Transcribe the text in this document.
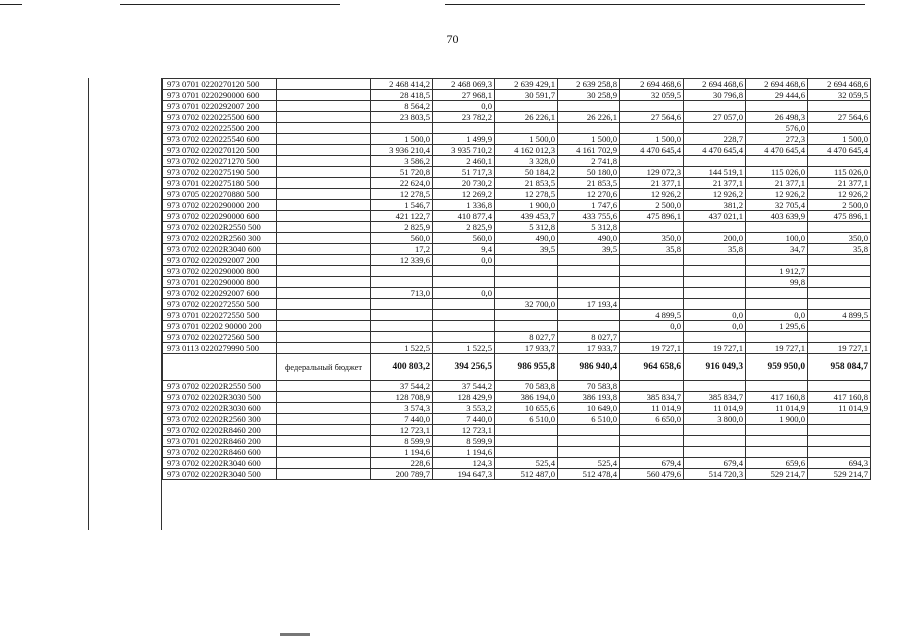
70
973 0701 0220270120 500		2 468 414,2	2 468 069,3	2 639 429,1	2 639 258,8	2 694 468,6	2 694 468,6	2 694 468,6	2 694 468,6
973 0701 0220290000 600		28 418,5	27 968,1	30 591,7	30 258,9	32 059,5	30 796,8	29 444,6	32 059,5
973 0701 0220292007 200		8 564,2	0,0						
973 0702 0220225500 600		23 803,5	23 782,2	26 226,1	26 226,1	27 564,6	27 057,0	26 498,3	27 564,6
973 0702 0220225500 200								576,0	
973 0702 0220225540 600		1 500,0	1 499,9	1 500,0	1 500,0	1 500,0	228,7	272,3	1 500,0
973 0702 0220270120 500		3 936 210,4	3 935 710,2	4 162 012,3	4 161 702,9	4 470 645,4	4 470 645,4	4 470 645,4	4 470 645,4
973 0702 0220271270 500		3 586,2	2 460,1	3 328,0	2 741,8				
973 0702 0220275190 500		51 720,8	51 717,3	50 184,2	50 180,0	129 072,3	144 519,1	115 026,0	115 026,0
973 0701 0220275180 500		22 624,0	20 730,2	21 853,5	21 853,5	21 377,1	21 377,1	21 377,1	21 377,1
973 0705 0220270880 500		12 278,5	12 269,2	12 278,5	12 270,6	12 926,2	12 926,2	12 926,2	12 926,2
973 0702 0220290000 200		1 546,7	1 336,8	1 900,0	1 747,6	2 500,0	381,2	32 705,4	2 500,0
973 0702 0220290000 600		421 122,7	410 877,4	439 453,7	433 755,6	475 896,1	437 021,1	403 639,9	475 896,1
973 0702 02202R2550 500		2 825,9	2 825,9	5 312,8	5 312,8				
973 0702 02202R2560 300		560,0	560,0	490,0	490,0	350,0	200,0	100,0	350,0
973 0702 02202R3040 600		17,2	9,4	39,5	39,5	35,8	35,8	34,7	35,8
973 0702 0220292007 200		12 339,6	0,0						
973 0702 0220290000 800								1 912,7	
973 0701 0220290000 800								99,8	
973 0702 0220292007 600		713,0	0,0						
973 0702 0220272550 500				32 700,0	17 193,4				
973 0701 0220272550 500						4 899,5	0,0	0,0	4 899,5
973 0701 02202 90000 200						0,0	0,0	1 295,6	
973 0702 0220272560 500				8 027,7	8 027,7				
973 0113 0220279990 500		1 522,5	1 522,5	17 933,7	17 933,7	19 727,1	19 727,1	19 727,1	19 727,1
	федеральный бюджет	400 803,2	394 256,5	986 955,8	986 940,4	964 658,6	916 049,3	959 950,0	958 084,7
973 0702 02202R2550 500		37 544,2	37 544,2	70 583,8	70 583,8				
973 0702 02202R3030 500		128 708,9	128 429,9	386 194,0	386 193,8	385 834,7	385 834,7	417 160,8	417 160,8
973 0702 02202R3030 600		3 574,3	3 553,2	10 655,6	10 649,0	11 014,9	11 014,9	11 014,9	11 014,9
973 0702 02202R2560 300		7 440,0	7 440,0	6 510,0	6 510,0	6 650,0	3 800,0	1 900,0	
973 0702 02202R8460 200		12 723,1	12 723,1						
973 0701 02202R8460 200		8 599,9	8 599,9						
973 0702 02202R8460 600		1 194,6	1 194,6						
973 0702 02202R3040 600		228,6	124,3	525,4	525,4	679,4	679,4	659,6	694,3
973 0702 02202R3040 500		200 789,7	194 647,3	512 487,0	512 478,4	560 479,6	514 720,3	529 214,7	529 214,7
